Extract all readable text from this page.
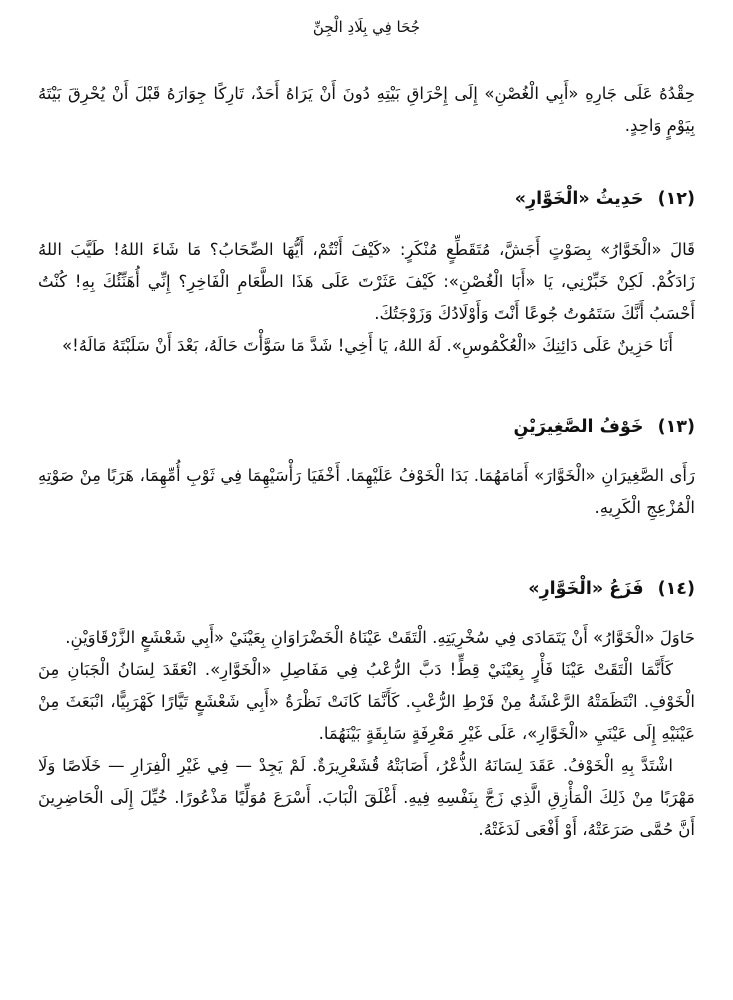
جُحَا فِي بِلَادِ الْجِنِّ

حِقْدُهُ عَلَى جَارِهِ «أَبِي الْغُصْنِ» إِلَى إِحْرَاقِ بَيْتِهِ دُونَ أَنْ يَرَاهُ أَحَدٌ، تَارِكًا جِوَارَهُ قَبْلَ أَنْ يُحْرِقَ بَيْتَهُ بِيَوْمٍ وَاحِدٍ.

(١٢) حَدِيثُ «الْخَوَّارِ»

قَالَ «الْخَوَّارُ» بِصَوْتٍ أَجَشَّ، مُتَقَطِّعٍ مُنْكَرٍ: «كَيْفَ أَنْتُمْ، أَيُّهَا الصِّحَابُ؟ مَا شَاءَ اللهُ! طَيَّبَ اللهُ زَادَكُمْ. لَكِنْ خَبِّرْنِي، يَا «أَبَا الْغُصْنِ»: كَيْفَ عَثَرْتَ عَلَى هَذَا الطَّعَامِ الْفَاخِرِ؟ إِنِّي أُهَنِّئُكَ بِهِ! كُنْتُ أَحْسَبُ أَنَّكَ سَتَمُوتُ جُوعًا أَنْتَ وَأَوْلَادُكَ وَزَوْجَتُكَ.

أَنَا حَزِينٌ عَلَى دَائِنِكَ «الْعُكْمُوسِ». لَهُ اللهُ، يَا أَخِي! شَدَّ مَا سَوَّأْتَ حَالَهُ، بَعْدَ أَنْ سَلَبْتَهُ مَالَهُ!»

(١٣) خَوْفُ الصَّغِيرَيْنِ

رَأَى الصَّغِيرَانِ «الْخَوَّارَ» أَمَامَهُمَا. بَدَا الْخَوْفُ عَلَيْهِمَا. أَخْفَيَا رَأْسَيْهِمَا فِي ثَوْبِ أُمِّهِمَا، هَرَبًا مِنْ صَوْتِهِ الْمُزْعِجِ الْكَرِيهِ.

(١٤) فَزَعُ «الْخَوَّارِ»

حَاوَلَ «الْخَوَّارُ» أَنْ يَتَمَادَى فِي سُخْرِيَتِهِ. الْتَقَتْ عَيْنَاهُ الْخَضْرَاوَانِ بِعَيْنَيْ «أَبِي شَعْشَعٍ الزَّرْقَاوَيْنِ.

كَأَنَّمَا الْتَقَتْ عَيْنَا فَأْرٍ بِعَيْنَيْ قِطٍّ! دَبَّ الرُّعْبُ فِي مَفَاصِلِ «الْخَوَّارِ». انْعَقَدَ لِسَانُ الْجَبَانِ مِنَ الْخَوْفِ. انْتَظَمَتْهُ الرَّعْشَةُ مِنْ فَرْطِ الرُّعْبِ. كَأَنَّمَا كَانَتْ نَظْرَةُ «أَبِي شَعْشَعٍ تَيَّارًا كَهْرَبِيًّا، انْبَعَثَ مِنْ عَيْنَيْهِ إِلَى عَيْنَيِ «الْخَوَّارِ»، عَلَى غَيْرِ مَعْرِفَةٍ سَابِقَةٍ بَيْنَهُمَا.

اشْتَدَّ بِهِ الْخَوْفُ. عَقَدَ لِسَانَهُ الذُّعْرُ، أَصَابَتْهُ قُشَعْرِيرَةٌ. لَمْ يَجِدْ — فِي غَيْرِ الْفِرَارِ — خَلَاصًا وَلَا مَهْرَبًا مِنْ ذَلِكَ الْمَأْزِقِ الَّذِي زَجَّ بِنَفْسِهِ فِيهِ. أَغْلَقَ الْبَابَ. أَسْرَعَ مُوَلِّيًا مَذْعُورًا. خُيِّلَ إِلَى الْحَاضِرِينَ أَنَّ حُمَّى صَرَعَتْهُ، أَوْ أَفْعَى لَدَغَتْهُ.
